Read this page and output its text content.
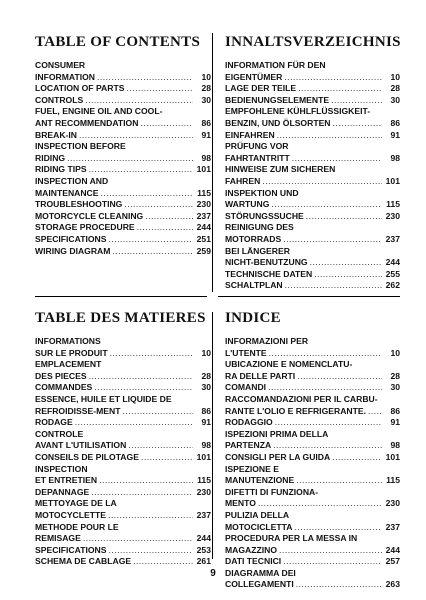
TABLE OF CONTENTS
CONSUMER
INFORMATION .....	10
LOCATION OF PARTS .....	28
CONTROLS .....	30
FUEL, ENGINE OIL AND COOL-
ANT RECOMMENDATION .....	86
BREAK-IN .....	91
INSPECTION BEFORE
RIDING .....	98
RIDING TIPS .....	101
INSPECTION AND
MAINTENANCE .....	115
TROUBLESHOOTING .....	230
MOTORCYCLE CLEANING .....	237
STORAGE PROCEDURE .....	244
SPECIFICATIONS .....	251
WIRING DIAGRAM .....	259
INNALTSVERZEICHNIS
INFORMATION FÜR DEN
EIGENTÜMER .....	10
LAGE DER TEILE .....	28
BEDIENUNGSELEMENTE .....	30
EMPFOHLENE KÜHLFLÜSSIGKEIT-
BENZIN, UND ÖLSORTEN .....	86
EINFAHREN .....	91
PRÜFUNG VOR
FAHRTANTRITT .....	98
HINWEISE ZUM SICHEREN
FAHREN .....	101
INSPEKTION UND
WARTUNG .....	115
STÖRUNGSSUCHE .....	230
REINIGUNG DES
MOTORRADS .....	237
BEI LÄNGERER
NICHT-BENUTZUNG .....	244
TECHNISCHE DATEN .....	255
SCHALTPLAN .....	262
TABLE DES MATIERES
INFORMATIONS
SUR LE PRODUIT .....	10
EMPLACEMENT
DES PIECES .....	28
COMMANDES .....	30
ESSENCE, HUILE ET LIQUIDE DE
REFROIDISSE-MENT .....	86
RODAGE .....	91
CONTROLE
AVANT L'UTILISATION .....	98
CONSEILS DE PILOTAGE .....	101
INSPECTION
ET ENTRETIEN .....	115
DEPANNAGE .....	230
METTOYAGE DE LA
MOTOCYCLETTE .....	237
METHODE POUR LE
REMISAGE .....	244
SPECIFICATIONS .....	253
SCHEMA DE CABLAGE .....	261
INDICE
INFORMAZIONI PER
L'UTENTE .....	10
UBICAZIONE E NOMENCLATU-
RA DELLE PARTI .....	28
COMANDI .....	30
RACCOMANDAZIONI PER IL CARBU-
RANTE L'OLIO E REFRIGERANTE. .....	86
RODAGGIO .....	91
ISPEZIONI PRIMA DELLA
PARTENZA .....	98
CONSIGLI PER LA GUIDA .....	101
ISPEZIONE E
MANUTENZIONE .....	115
DIFETTI DI FUNZIONA-
MENTO .....	230
PULIZIA DELLA
MOTOCICLETTA .....	237
PROCEDURA PER LA MESSA IN
MAGAZZINO .....	244
DATI TECNICI .....	257
DIAGRAMMA DEI
COLLEGAMENTI .....	263
9
